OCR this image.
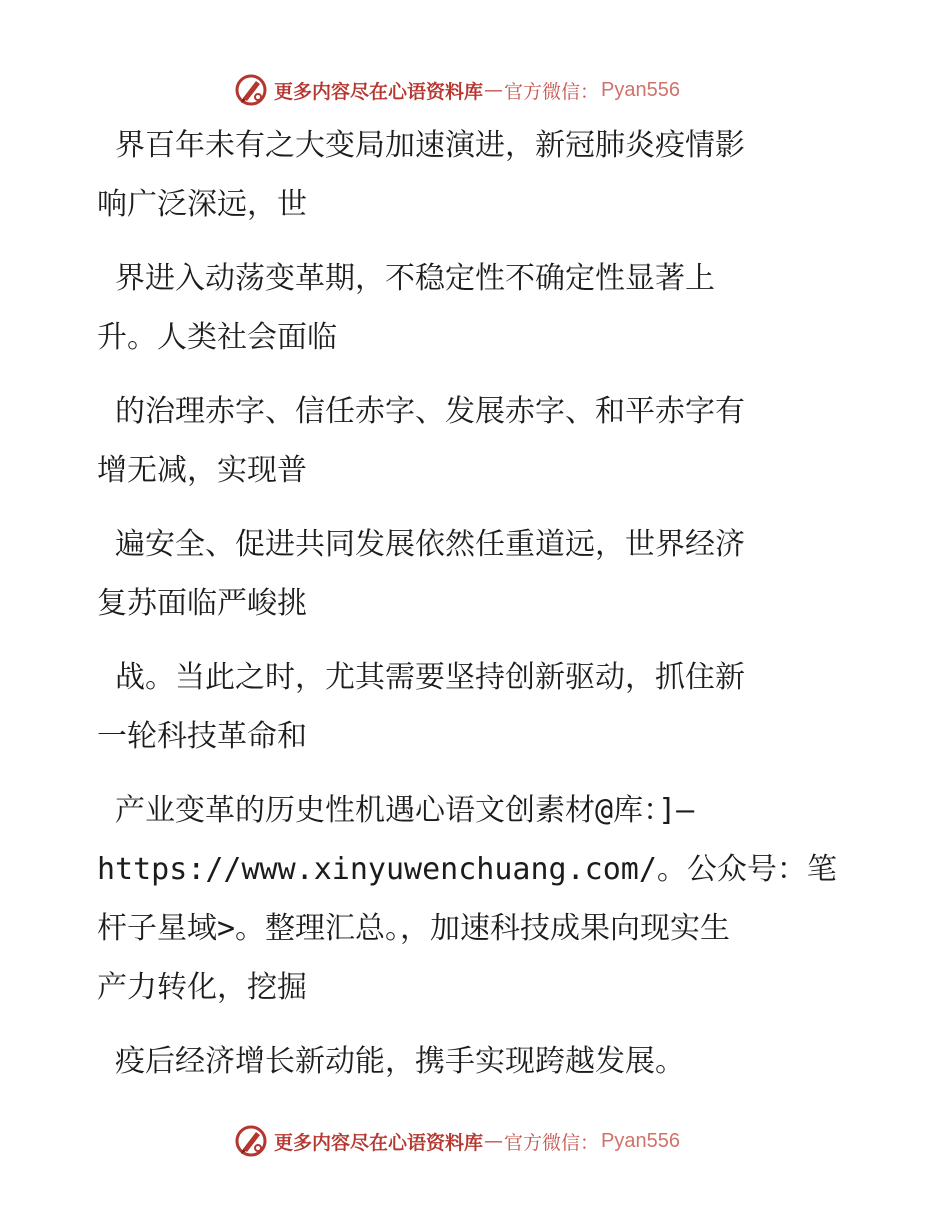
更多内容尽在心语资料库 — 官方微信： Pyan556
界百年未有之大变局加速演进，新冠肺炎疫情影
响广泛深远，世
界进入动荡变革期，不稳定性不确定性显著上
升。人类社会面临
的治理赤字、信任赤字、发展赤字、和平赤字有
增无减，实现普
遍安全、促进共同发展依然任重道远，世界经济
复苏面临严峻挑
战。当此之时，尤其需要坚持创新驱动，抓住新
一轮科技革命和
产业变革的历史性机遇心语文创素材@库：]—
https://www.xinyuwenchuang.com/。公众号：笔
杆子星域>。整理汇总。，加速科技成果向现实生
产力转化，挖掘
疫后经济增长新动能，携手实现跨越发展。
更多内容尽在心语资料库 — 官方微信： Pyan556
